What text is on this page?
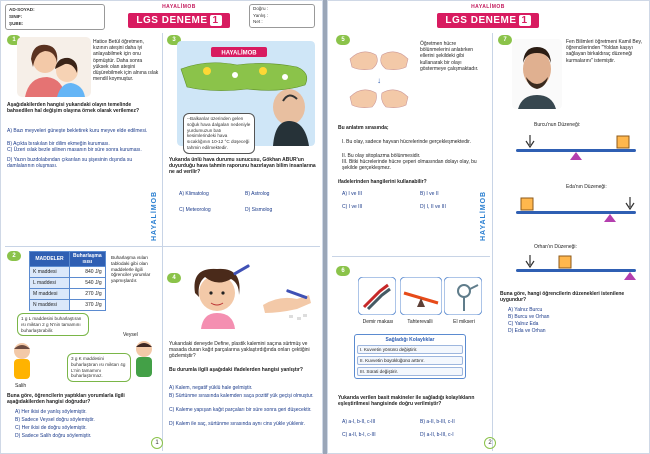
AD-SOYAD:
SINIF:
ŞUBE:
HAYALİMOB
LGS DENEME 1
Doğru :
Yanlış :
Net :
1	Hatice Betül öğretmen, kızının ateşini daha iyi anlayabilmek için onu öpmüştür. Daha sonra yüksek olan ateşini düşürebilmek için alnına ıslak mendil koymuştur.
Aşağıdakilerden hangisi yukarıdaki olayın temelinde bahsedilen hal değişim olayına örnek olarak verilemez?
A) Bazı meyveleri güneşte bekletirek kuru meyve elde edilmesi.
B) Açıkta bırakılan bir dilim ekmeğin kuruması.
C) Üzeri ıslak bezle silinen masanın bir süre sonra kuruması.
D) Yazın buzdolabından çıkarılan su şişesinin dışında su damlalarının oluşması.
3
HAYALİMOB
--Balkanlar üzerinden gelen soğuk hava dalgaları nedeniyle yurdumuzun batı kesimlerindeki hava sıcaklığının 10-12 °C düşeceği tahmin edilmektedir.
Yukarıda ünlü hava durumu sunucusu, Gökhan ABUR'un duyurduğu hava tahmin raporunu hazırlayan bilim insanlarına ne ad verilir?
A) Klimatolog	B) Astrolog
C) Meteorolog	D) Sismolog
2	MADDELER	Buharlaşma ısısı
K maddesi	840 J/g
L maddesi	540 J/g
M maddesi	270 J/g
N maddesi	370 J/g
Buharlaşma ısıları tablodaki gibi olan maddelerle ilgili öğrenciler yorumlar yapmışlardır.
1 g L maddesini buharlaştıran ısı miktarı 2 g N'nin tamamını buharlaştırabilir.
3 g K maddesini buharlaştıran ısı miktarı 4g L'nin tamamını buharlaştırmaz.
Salih
Veysel
Buna göre, öğrencilerin yaptıkları yorumlarla ilgili aşağıdakilerden hangisi doğrudur?
A) Her ikisi de yanlış söylemiştir.
B) Sadece Veysel doğru söylemiştir.
C) Her ikisi de doğru söylemiştir.
D) Sadece Salih doğru söylemiştir.
4
Yukarıdaki deneyde Define, plastik kalemini saçına sürtmüş ve masada duran kağıt parçalarına yaklaştırdığında onları çektiğini gözlemiştir?
Bu durumla ilgili aşağıdaki ifadelerden hangisi yanlıştır?
A) Kalem, negatif yüklü hale gelmiştir.
B) Sürtünme sırasında kalemden saça pozitif yük geçişi olmuştur.
C) Kaleme yapışan kağıt parçaları bir süre sonra geri düşecektir.
D) Kalem ile saç, sürtünme sırasında aynı cins yükle yüklenir.
HAYALİMOB
1
HAYALİMOB
LGS DENEME 1
5
↓
Öğretmen hücre bölünmelerini anlatırken ellerini şekildeki gibi kullanarak bir olayı göstermeye çalışmaktadır.
Bu anlatım sırasında;
I. Bu olay, sadece hayvan hücrelerinde gerçekleşmektedir.
II. Bu olay sitoplazma bölünmesidir.
III. Bitki hücrelerinde hücre çeperi olmasından dolayı olay, bu şekilde gerçekleşmez.
ifadelerinden hangilerini kullanabilir?
A) I ve III	B) I ve II
C) I ve III	D) I, II ve III
6
Demir makası	Tahterevalli	El mikseri
Sağladığı Kolaylıklar
I. Kuvvetin yönünü değiştirir.
II. Kuvvetin büyüklüğünü arttırır.
III. Sürati değiştirir.
Yukarıda verilen basit makineler ile sağladığı kolaylıkların eşleştirilmesi hangisinde doğru verilmiştir?
A) a-I, b-II, c-III	B) a-II, b-III, c-II
C) a-II, b-I, c-III	D) a-II, b-III, c-I
7	Fen Bilimleri öğretmeni Kamil Bey, öğrencilerinden "Yoldan kaşıyı sağlayan birkaldıraç düzeneği kurmalarını" istemiştir.
Burcu'nun Düzeneği:
Eda'nın Düzeneği:
Orhan'ın Düzeneği:
Buna göre, hangi öğrencilerin düzenekleri istenilene uygundur?
A) Yalnız Burcu
B) Burcu ve Orhan
C) Yalnız Eda
D) Eda ve Orhan
HAYALİMOB
2
